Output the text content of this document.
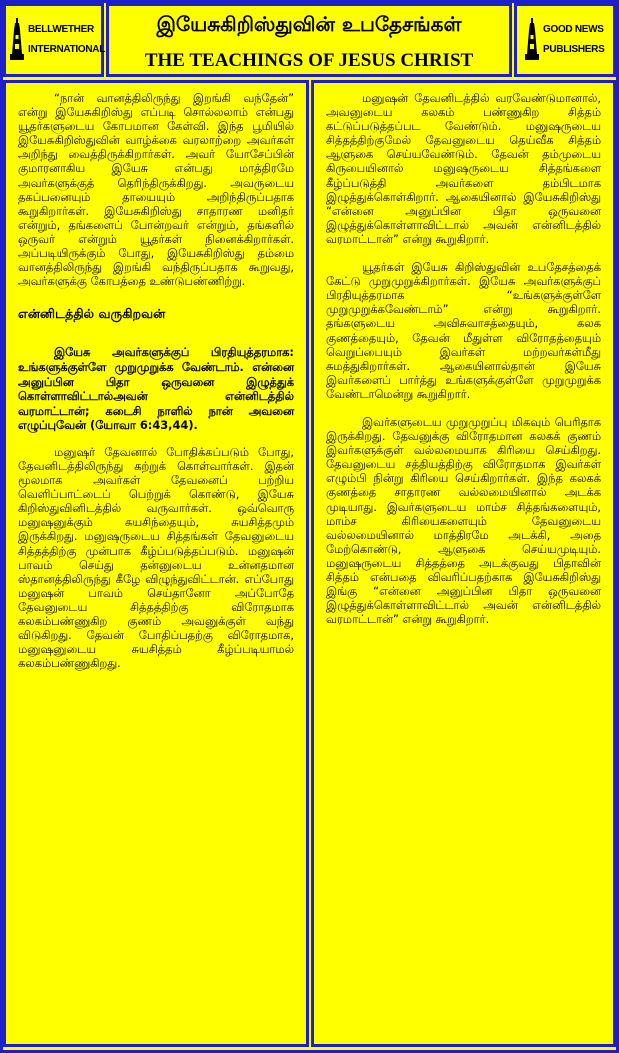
BELLWETHER
INTERNATIONAL
இயேசுகிறிஸ்துவின் உபதேசங்கள்
THE TEACHINGS OF JESUS CHRIST
GOOD NEWS
PUBLISHERS

“நான் வானத்திலிருந்து இறங்கி வந்தேன்” என்று இயேசுகிறிஸ்து எப்படி சொல்லலாம் என்பது யூதர்களுடைய கோபமான கேள்வி. இந்த பூமியில் இயேசுகிறிஸ்துவின் வாழ்க்கை வரலாற்றை அவர்கள் அறிந்து வைத்திருக்கிறார்கள். அவர் யோசேப்பின் குமாரனாகிய இயேசு என்பது மாத்திரமே அவர்களுக்குத் தெரிந்திருக்கிறது. அவருடைய தகப்பனையும் தாயையும் அறிந்திருப்பதாக கூறுகிறார்கள். இயேசுகிறிஸ்து சாதாரண மனிதர் என்றும், தங்களைப் போன்றவர் என்றும், தங்களில் ஒருவர் என்றும் யூதர்கள் நினைக்கிறார்கள். அப்படியிருக்கும் போது, இயேசுகிறிஸ்து தம்மை வானத்திலிருந்து இறங்கி வந்திருப்பதாக கூறுவது, அவர்களுக்கு கோபத்தை உண்டுபண்ணிற்று.

என்னிடத்தில் வருகிறவன்

இயேசு அவர்களுக்குப் பிரதியுத்தரமாக: உங்களுக்குள்ளே முறுமுறுக்க வேண்டாம். என்னை அனுப்பின பிதா ஒருவனை இழுத்துக் கொள்ளாவிட்டால்அவன் என்னிடத்தில் வரமாட்டான்; கடைசி நாளில் நான் அவனை எழுப்புவேன் (யோவா 6:43,44).

மனுஷர் தேவனால் போதிக்கப்படும் போது, தேவனிடத்திலிருந்து கற்றுக் கொள்வார்கள். இதன் மூலமாக அவர்கள் தேவனைப் பற்றிய வெளிப்பாட்டைப் பெற்றுக் கொண்டு, இயேசு கிறிஸ்துவினிடத்தில் வருவார்கள். ஒவ்வொரு மனுஷனுக்கும் சுயசிந்தையும், சுயசித்தமும் இருக்கிறது. மனுஷருடைய சித்தங்கள் தேவனுடைய சித்தத்திற்கு முன்பாக கீழ்ப்படுத்தப்படும். மனுஷன் பாவம் செய்து தன்னுடைய உன்னதமான ஸ்தானத்திலிருந்து கீழே விழுந்துவிட்டான். எப்போது மனுஷன் பாவம் செய்தானோ அப்போதே தேவனுடைய சித்தத்திற்கு விரோதமாக கலகம்பண்ணுகிற குணம் அவனுக்குள் வந்து விடுகிறது. தேவன் போதிப்பதற்கு விரோதமாக, மனுஷனுடைய சுயசித்தம் கீழ்ப்படியாமல் கலகம்பண்ணுகிறது.

மனுஷன் தேவனிடத்தில் வரவேண்டுமானால், அவனுடைய கலகம் பண்ணுகிற சித்தம் கட்டுப்படுத்தப்பட வேண்டும். மனுஷருடைய சித்தத்திற்குமேல் தேவனுடைய தெய்வீக சித்தம் ஆளுகை செய்யவேண்டும். தேவன் தம்முடைய கிருபையினால் மனுஷருடைய சித்தங்களை கீழ்ப்படுத்தி அவர்களை தம்பிடமாக இழுத்துக்கொள்கிறார். ஆகையினால் இயேசுகிறிஸ்து “என்னை அனுப்பின பிதா ஒருவனை இழுத்துக்கொள்ளாவிட்டால் அவன் என்னிடத்தில் வரமாட்டான்” என்று கூறுகிறார்.

யூதர்கள் இயேசு கிறிஸ்துவின் உபதேசத்தைக் கேட்டு முறுமுறுக்கிறார்கள். இயேசு அவர்களுக்குப் பிரதியுத்தரமாக “உங்களுக்குள்ளே முறுமுறுக்கவேண்டாம்” என்று கூறுகிறார். தங்களுடைய அவிசுவாசத்தையும், கலக குணத்தையும், தேவன் மீதுள்ள விரோதத்தையும் வெறுப்பையும் இவர்கள் மற்றவர்கள்மீது சுமத்துகிறார்கள். ஆகையினால்தான் இயேசு இவர்களைப் பார்த்து உங்களுக்குள்ளே முறுமுறுக்க வேண்டாமென்று கூறுகிறார்.

இவர்களுடைய முறுமுறுப்பு மிகவும் பெரிதாக இருக்கிறது. தேவனுக்கு விரோதமான கலகக் குணம் இவர்களுக்குள் வல்லமையாக கிரியை செய்கிறது. தேவனுடைய சத்தியத்திற்கு விரோதமாக இவர்கள் எழும்பி நின்று கிரியை செய்கிறார்கள். இந்த கலகக் குணத்தை சாதாரண வல்லமையினால் அடக்க முடியாது. இவர்களுடைய மாம்ச சித்தங்களையும், மாம்ச கிரியைகளையும் தேவனுடைய வல்லமையினால் மாத்திரமே அடக்கி, அதை மேற்கொண்டு, ஆளுகை செய்யமுடியும். மனுஷருடைய சித்தத்தை அடக்குவது பிதாவின் சித்தம் என்பதை விவரிப்பதற்காக இயேசுகிறிஸ்து இங்கு “என்னை அனுப்பின பிதா ஒருவனை இழுத்துக்கொள்ளாவிட்டால் அவன் என்னிடத்தில் வரமாட்டான்” என்று கூறுகிறார்.
